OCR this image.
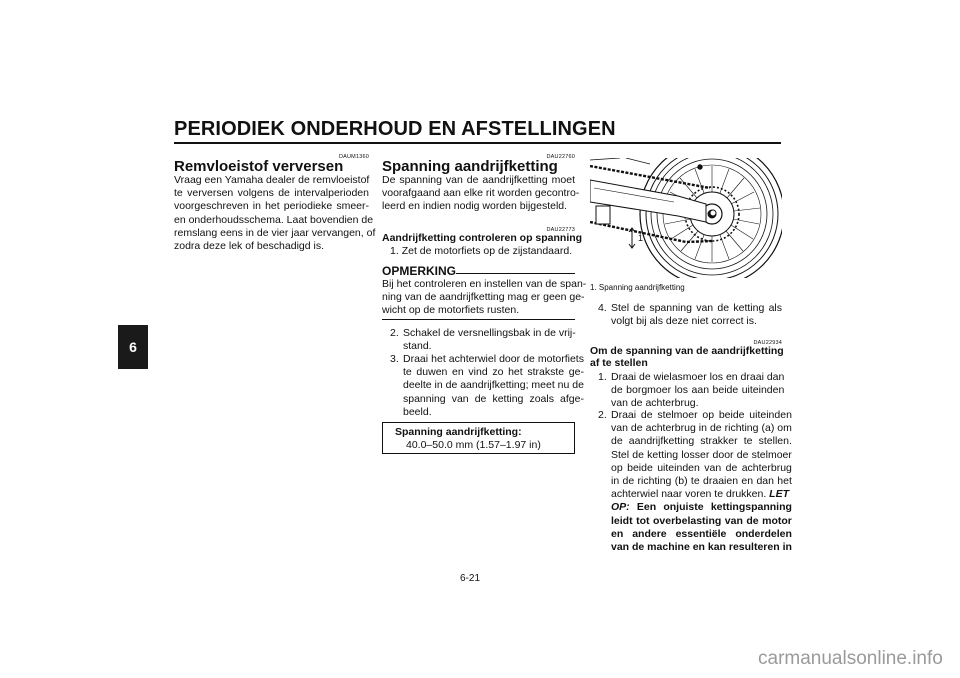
PERIODIEK ONDERHOUD EN AFSTELLINGEN
6
DAUM1360
Remvloeistof verversen
Vraag een Yamaha dealer de remvloeistof
te verversen volgens de intervalperioden
voorgeschreven in het periodieke smeer-
en onderhoudsschema. Laat bovendien de
remslang eens in de vier jaar vervangen, of
zodra deze lek of beschadigd is.
DAU22760
Spanning aandrijfketting
De spanning van de aandrijfketting moet
voorafgaand aan elke rit worden gecontro-
leerd en indien nodig worden bijgesteld.
DAU22773
Aandrijfketting controleren op spanning
1. Zet de motorfiets op de zijstandaard.
OPMERKING
Bij het controleren en instellen van de span-
ning van de aandrijfketting mag er geen ge-
wicht op de motorfiets rusten.
2. Schakel de versnellingsbak in de vrij-
stand.
3. Draai het achterwiel door de motorfiets
te duwen en vind zo het strakste ge-
deelte in de aandrijfketting; meet nu de
spanning van de ketting zoals afge-
beeld.
Spanning aandrijfketting:
40.0–50.0 mm (1.57–1.97 in)
1
1. Spanning aandrijfketting
4. Stel de spanning van de ketting als
volgt bij als deze niet correct is.
DAU22934
Om de spanning van de aandrijfketting
af te stellen
1. Draai de wielasmoer los en draai dan
de borgmoer los aan beide uiteinden
van de achterbrug.
2. Draai de stelmoer op beide uiteinden
van de achterbrug in de richting (a) om
de aandrijfketting strakker te stellen.
Stel de ketting losser door de stelmoer
op beide uiteinden van de achterbrug
in de richting (b) te draaien en dan het
achterwiel naar voren te drukken. LET
OP: Een onjuiste kettingspanning
leidt tot overbelasting van de motor
en andere essentiële onderdelen
van de machine en kan resulteren in
6-21
carmanualsonline.info
